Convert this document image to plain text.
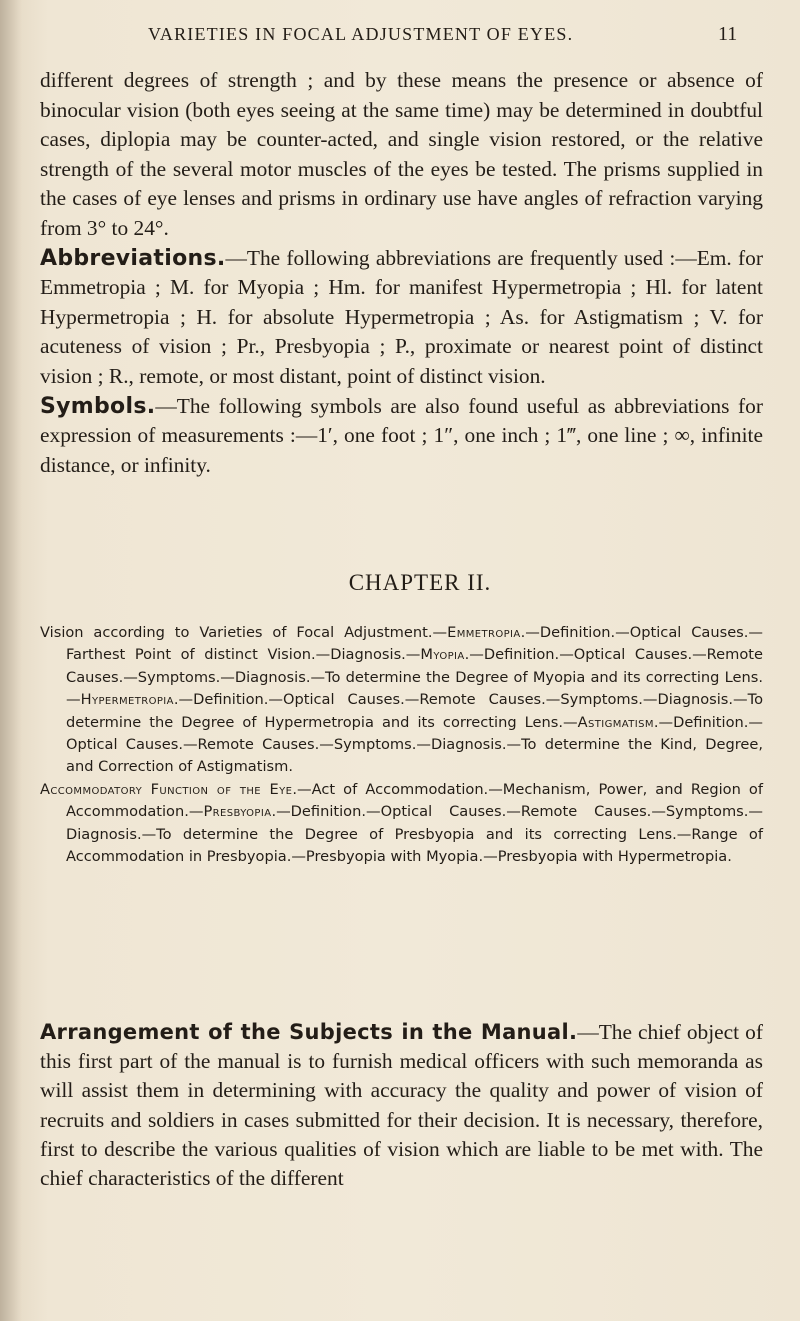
VARIETIES IN FOCAL ADJUSTMENT OF EYES.	11

different degrees of strength ; and by these means the presence or absence of binocular vision (both eyes seeing at the same time) may be determined in doubtful cases, diplopia may be counter-acted, and single vision restored, or the relative strength of the several motor muscles of the eyes be tested. The prisms supplied in the cases of eye lenses and prisms in ordinary use have angles of refraction varying from 3° to 24°.

Abbreviations.—The following abbreviations are frequently used :—Em. for Emmetropia ; M. for Myopia ; Hm. for manifest Hypermetropia ; Hl. for latent Hypermetropia ; H. for absolute Hypermetropia ; As. for Astigmatism ; V. for acuteness of vision ; Pr., Presbyopia ; P., proximate or nearest point of distinct vision ; R., remote, or most distant, point of distinct vision.

Symbols.—The following symbols are also found useful as abbreviations for expression of measurements :—1′, one foot ; 1″, one inch ; 1‴, one line ; ∞, infinite distance, or infinity.

CHAPTER II.

Vision according to Varieties of Focal Adjustment.—Emmetropia.—Definition.—Optical Causes.—Farthest Point of distinct Vision.—Diagnosis.—Myopia.—Definition.—Optical Causes.—Remote Causes.—Symptoms.—Diagnosis.—To determine the Degree of Myopia and its correcting Lens.—Hypermetropia.—Definition.—Optical Causes.—Remote Causes.—Symptoms.—Diagnosis.—To determine the Degree of Hypermetropia and its correcting Lens.—Astigmatism.—Definition.—Optical Causes.—Remote Causes.—Symptoms.—Diagnosis.—To determine the Kind, Degree, and Correction of Astigmatism.

Accommodatory Function of the Eye.—Act of Accommodation.—Mechanism, Power, and Region of Accommodation.—Presbyopia.—Definition.—Optical Causes.—Remote Causes.—Symptoms.—Diagnosis.—To determine the Degree of Presbyopia and its correcting Lens.—Range of Accommodation in Presbyopia.—Presbyopia with Myopia.—Presbyopia with Hypermetropia.

Arrangement of the Subjects in the Manual.—The chief object of this first part of the manual is to furnish medical officers with such memoranda as will assist them in determining with accuracy the quality and power of vision of recruits and soldiers in cases submitted for their decision. It is necessary, therefore, first to describe the various qualities of vision which are liable to be met with. The chief characteristics of the different
